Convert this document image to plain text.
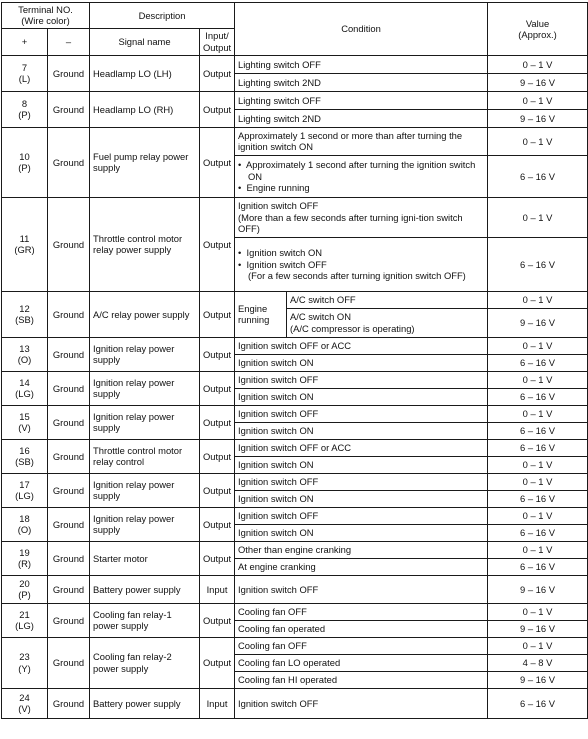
Terminal NO.
(Wire color)		Description		Condition		Value
(Approx.)
+	–	Signal name	Input/
Output			
7
(L)	Ground	Headlamp LO (LH)	Output	Lighting switch OFF		0 – 1 V
				Lighting switch 2ND		9 – 16 V
8
(P)	Ground	Headlamp LO (RH)	Output	Lighting switch OFF		0 – 1 V
				Lighting switch 2ND		9 – 16 V
10
(P)	Ground	Fuel pump relay power supply	Output	Approximately 1 second or more than after turning the ignition switch ON		0 – 1 V

				•  Approximately 1 second after turning the ignition switch ON
•  Engine running		6 – 16 V
11
(GR)	Ground	Throttle control motor relay power supply	Output	Ignition switch OFF
(More than a few seconds after turning igni-tion switch OFF)		0 – 1 V

				•  Ignition switch ON
•  Ignition switch OFF
(For a few seconds after turning ignition switch OFF)		6 – 16 V
12
(SB)	Ground	A/C relay power supply	Output	Engine
running	A/C switch OFF	0 – 1 V
					A/C switch ON
(A/C compressor is operating)	9 – 16 V
13
(O)	Ground	Ignition relay power supply	Output	Ignition switch OFF or ACC		0 – 1 V
				Ignition switch ON		6 – 16 V
14
(LG)	Ground	Ignition relay power supply	Output	Ignition switch OFF		0 – 1 V
				Ignition switch ON		6 – 16 V
15
(V)	Ground	Ignition relay power supply	Output	Ignition switch OFF		0 – 1 V
				Ignition switch ON		6 – 16 V
16
(SB)	Ground	Throttle control motor relay control	Output	Ignition switch OFF or ACC		6 – 16 V
				Ignition switch ON		0 – 1 V
17
(LG)	Ground	Ignition relay power supply	Output	Ignition switch OFF		0 – 1 V
				Ignition switch ON		6 – 16 V
18
(O)	Ground	Ignition relay power supply	Output	Ignition switch OFF		0 – 1 V
				Ignition switch ON		6 – 16 V
19
(R)	Ground	Starter motor	Output	Other than engine cranking		0 – 1 V
				At engine cranking		6 – 16 V
20
(P)	Ground	Battery power supply	Input	Ignition switch OFF		9 – 16 V
21
(LG)	Ground	Cooling fan relay-1 power supply	Output	Cooling fan OFF		0 – 1 V
				Cooling fan operated		9 – 16 V
23
(Y)	Ground	Cooling fan relay-2 power supply	Output	Cooling fan OFF		0 – 1 V
				Cooling fan LO operated		4 – 8 V
				Cooling fan HI operated		9 – 16 V
24
(V)	Ground	Battery power supply	Input	Ignition switch OFF		6 – 16 V
